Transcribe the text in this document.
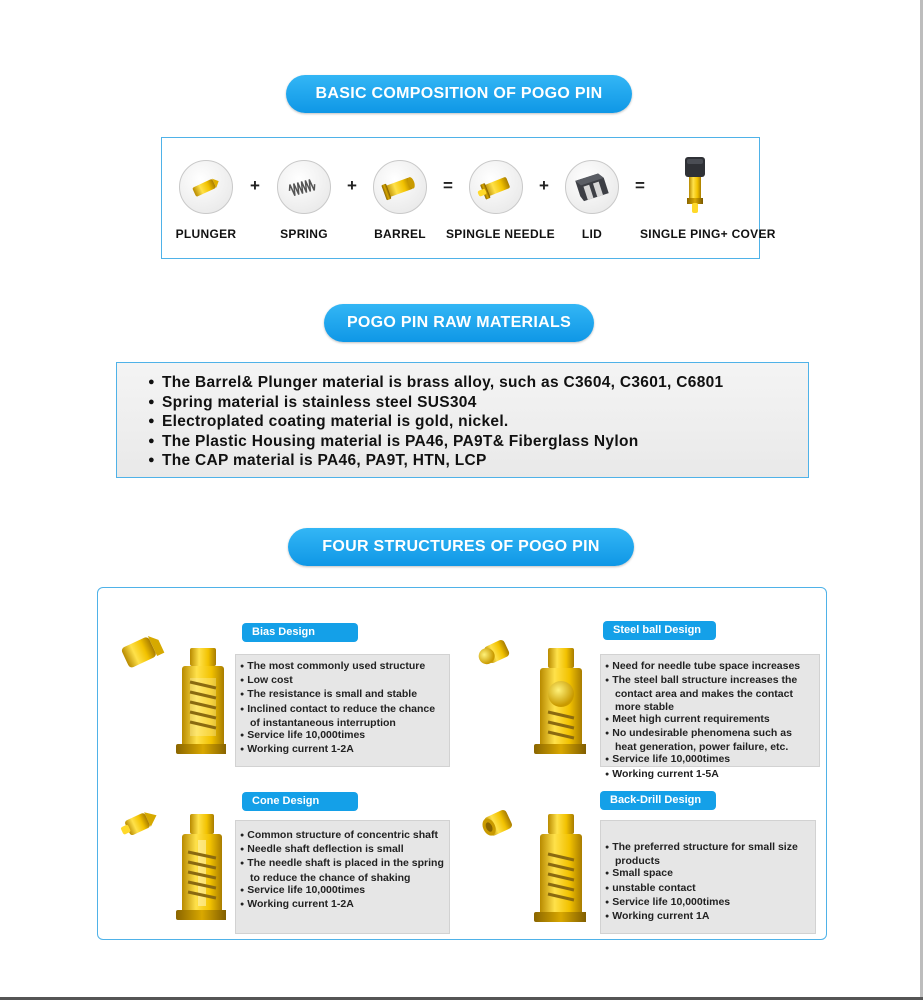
BASIC COMPOSITION OF POGO PIN
PLUNGER
+
SPRING
+
BARREL
=
SPINGLE NEEDLE
+
LID
=
SINGLE PING+ COVER
POGO PIN RAW MATERIALS
● The Barrel& Plunger material is brass alloy, such as C3604, C3601, C6801
● Spring material is stainless steel SUS304
● Electroplated coating material is gold, nickel.
● The Plastic Housing material is PA46, PA9T& Fiberglass Nylon
● The CAP material is PA46, PA9T, HTN, LCP
FOUR STRUCTURES OF POGO PIN
Bias Design
● The most commonly used structure
● Low cost
● The resistance is small and stable
● Inclined contact to reduce the chance of instantaneous interruption
● Service life 10,000times
● Working current 1-2A
Steel ball Design
● Need for needle tube space increases
● The steel ball structure increases the contact area and makes the contact more stable
● Meet high current requirements
● No undesirable phenomena such as heat generation, power failure, etc.
● Service life 10,000times
● Working current 1-5A
Cone Design
● Common structure of concentric shaft
● Needle shaft deflection is small
● The needle shaft is placed in the spring to reduce the chance of shaking
● Service life 10,000times
● Working current 1-2A
Back-Drill Design
● The preferred structure for small size products
● Small space
● unstable contact
● Service life 10,000times
● Working current 1A
